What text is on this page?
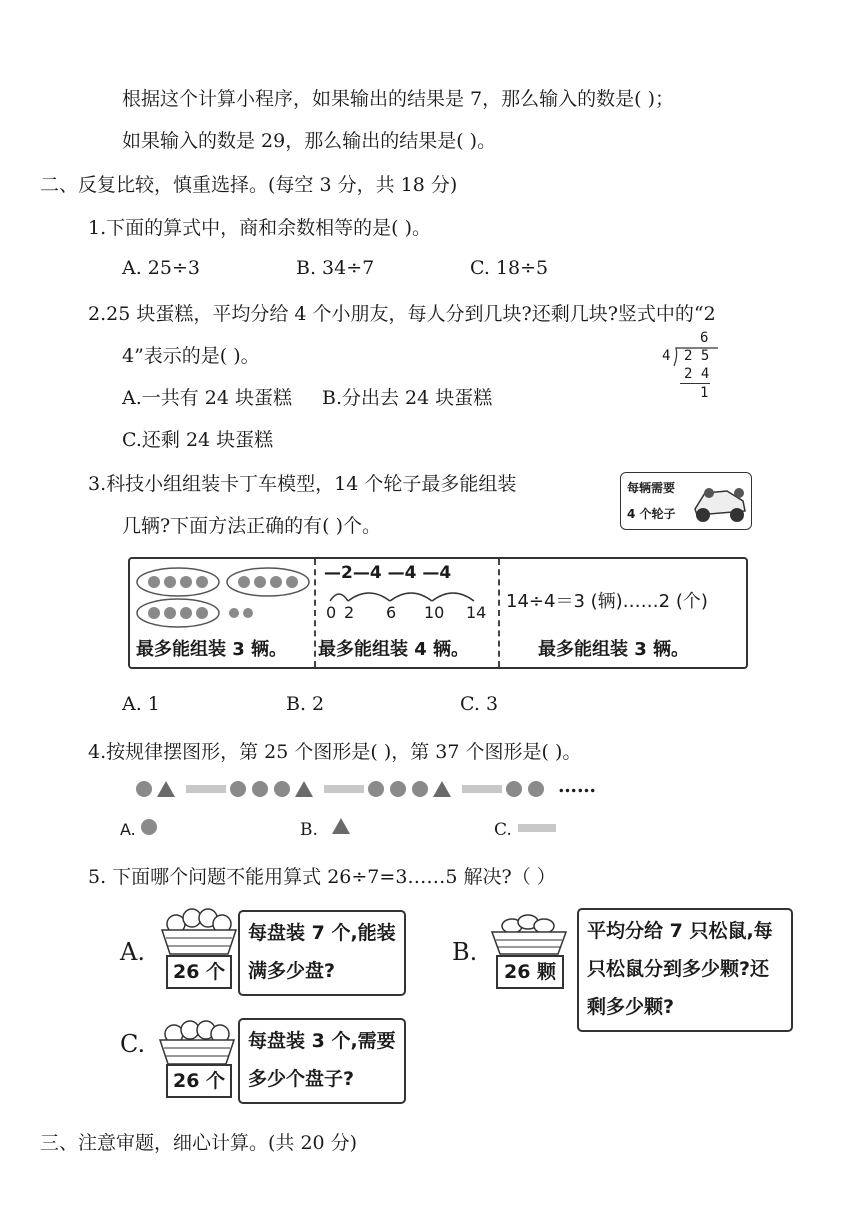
根据这个计算小程序，如果输出的结果是 7，那么输入的数是( )；
如果输入的数是 29，那么输出的结果是( )。
二、反复比较，慎重选择。(每空 3 分，共 18 分)
1.下面的算式中，商和余数相等的是( )。
A. 25÷3	B. 34÷7	C. 18÷5
2.25 块蛋糕，平均分给 4 个小朋友，每人分到几块?还剩几块?竖式中的“2
4”表示的是( )。
A.一共有 24 块蛋糕 B.分出去 24 块蛋糕
C.还剩 24 块蛋糕
6
4 2 5
2 4
1
3.科技小组组装卡丁车模型，14 个轮子最多能组装
几辆?下面方法正确的有( )个。
每辆需要
4 个轮子
最多能组装 3 辆。
—2—4 —4 —4
0 2 6 10 14
最多能组装 4 辆。
14÷4＝3 (辆)……2 (个)
最多能组装 3 辆。
A. 1	B. 2	C. 3
4.按规律摆图形，第 25 个图形是( )，第 37 个图形是( )。
……
A.	B.	C.
5. 下面哪个问题不能用算式 26÷7=3……5 解决?（ ）
A.
26 个
每盘装 7 个,能装满多少盘?
B.
26 颗
平均分给 7 只松鼠,每只松鼠分到多少颗?还剩多少颗?
C.
26 个
每盘装 3 个,需要多少个盘子?
三、注意审题，细心计算。(共 20 分)
